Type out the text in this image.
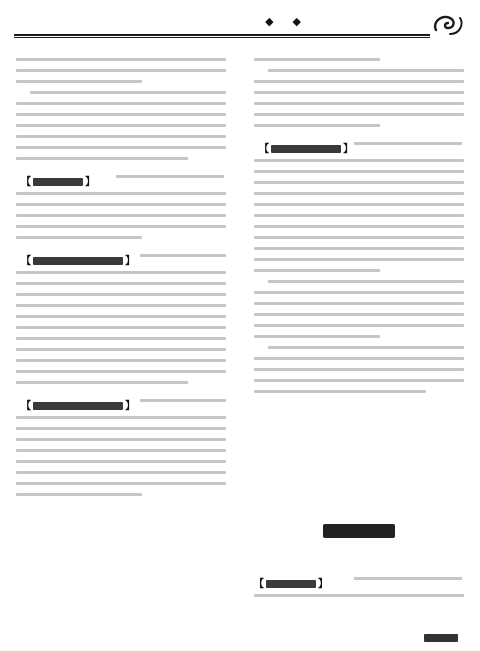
◆ ◆
【	】
【	】
【	】
【	】
【	】
